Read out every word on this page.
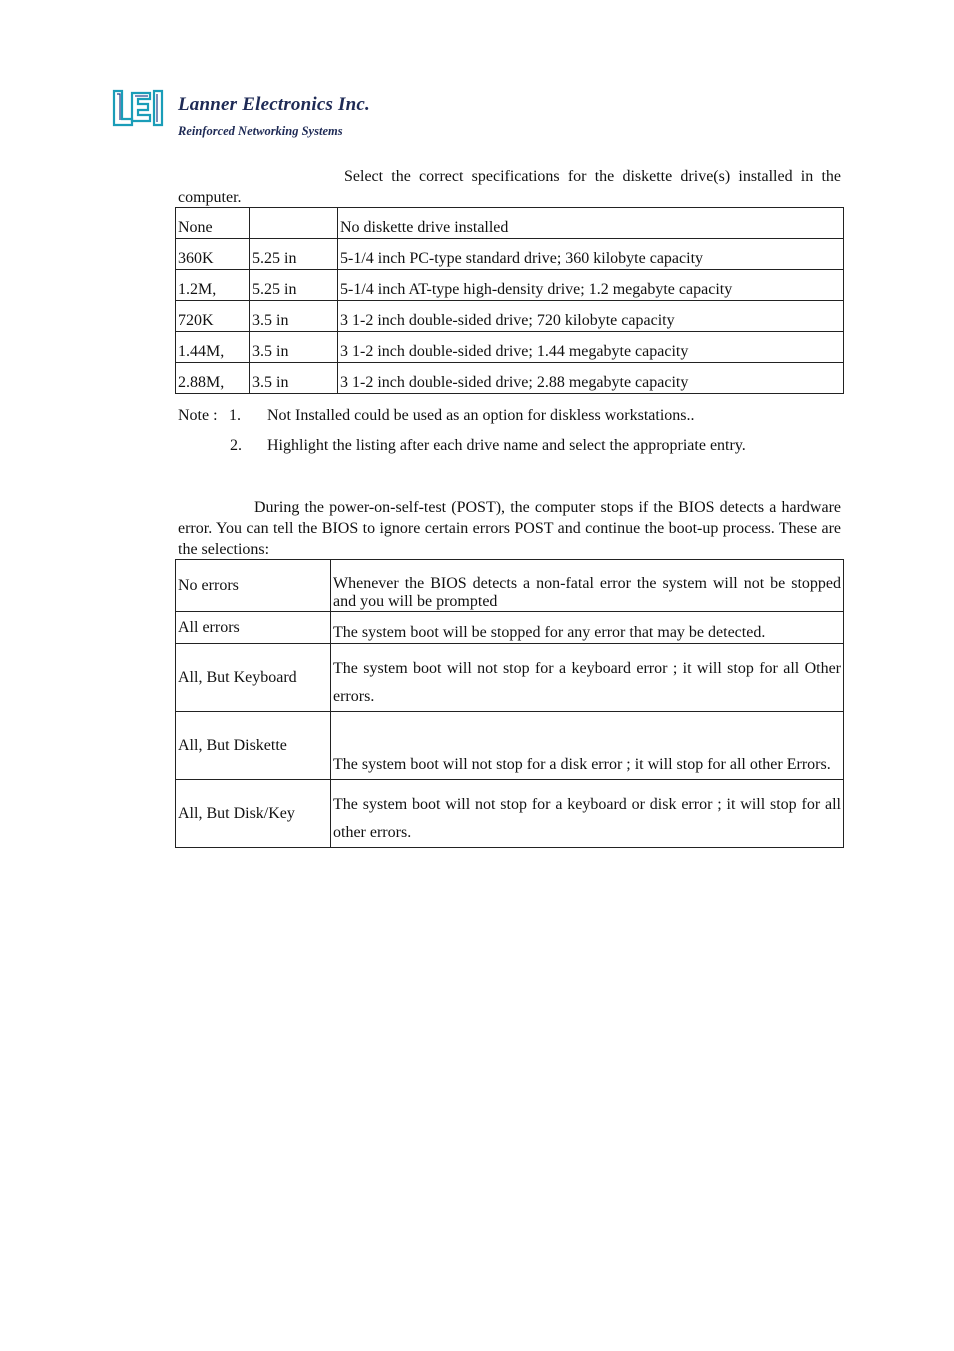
Lanner Electronics Inc.
Reinforced Networking Systems
Select the correct specifications for the diskette drive(s) installed in the computer.
None		No diskette drive installed
360K	5.25 in	5-1/4 inch PC-type standard drive; 360 kilobyte capacity
1.2M,	5.25 in	5-1/4 inch AT-type high-density drive; 1.2 megabyte capacity
720K	3.5 in	3 1-2 inch double-sided drive; 720 kilobyte capacity
1.44M,	3.5 in	3 1-2 inch double-sided drive; 1.44 megabyte capacity
2.88M,	3.5 in	3 1-2 inch double-sided drive; 2.88 megabyte capacity
Note : 1. Not Installed could be used as an option for diskless workstations..
2. Highlight the listing after each drive name and select the appropriate entry.
During the power-on-self-test (POST), the computer stops if the BIOS detects a hardware error. You can tell the BIOS to ignore certain errors POST and continue the boot-up process. These are the selections:
No errors	Whenever the BIOS detects a non-fatal error the system will not be stopped and you will be prompted
All errors	The system boot will be stopped for any error that may be detected.
All, But Keyboard	The system boot will not stop for a keyboard error ; it will stop for all Other errors.
All, But Diskette	The system boot will not stop for a disk error ; it will stop for all other Errors.
All, But Disk/Key	The system boot will not stop for a keyboard or disk error ; it will stop for all other errors.
